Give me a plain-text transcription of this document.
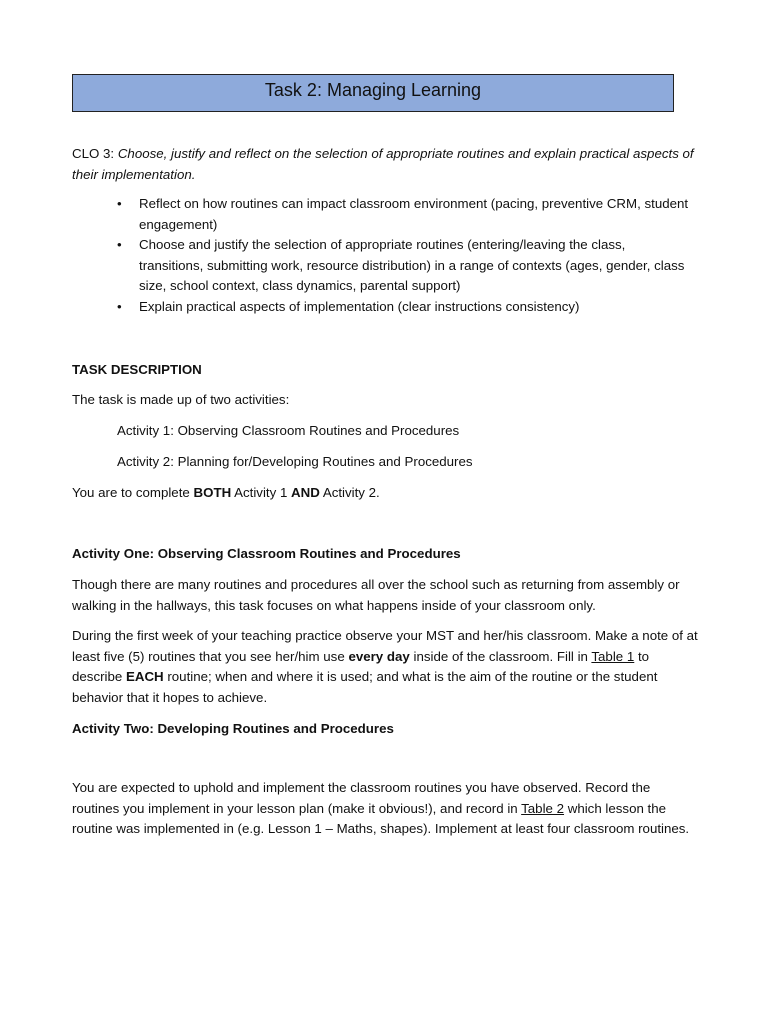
Task 2: Managing Learning

CLO 3: Choose, justify and reflect on the selection of appropriate routines and explain practical aspects of their implementation.

• Reflect on how routines can impact classroom environment (pacing, preventive CRM, student engagement)
• Choose and justify the selection of appropriate routines (entering/leaving the class, transitions, submitting work, resource distribution) in a range of contexts (ages, gender, class size, school context, class dynamics, parental support)
• Explain practical aspects of implementation (clear instructions consistency)

TASK DESCRIPTION

The task is made up of two activities:

Activity 1: Observing Classroom Routines and Procedures

Activity 2: Planning for/Developing Routines and Procedures

You are to complete BOTH Activity 1 AND Activity 2.

Activity One: Observing Classroom Routines and Procedures

Though there are many routines and procedures all over the school such as returning from assembly or walking in the hallways, this task focuses on what happens inside of your classroom only.

During the first week of your teaching practice observe your MST and her/his classroom. Make a note of at least five (5) routines that you see her/him use every day inside of the classroom. Fill in Table 1 to describe EACH routine; when and where it is used; and what is the aim of the routine or the student behavior that it hopes to achieve.

Activity Two: Developing Routines and Procedures

You are expected to uphold and implement the classroom routines you have observed. Record the routines you implement in your lesson plan (make it obvious!), and record in Table 2 which lesson the routine was implemented in (e.g. Lesson 1 – Maths, shapes). Implement at least four classroom routines.
